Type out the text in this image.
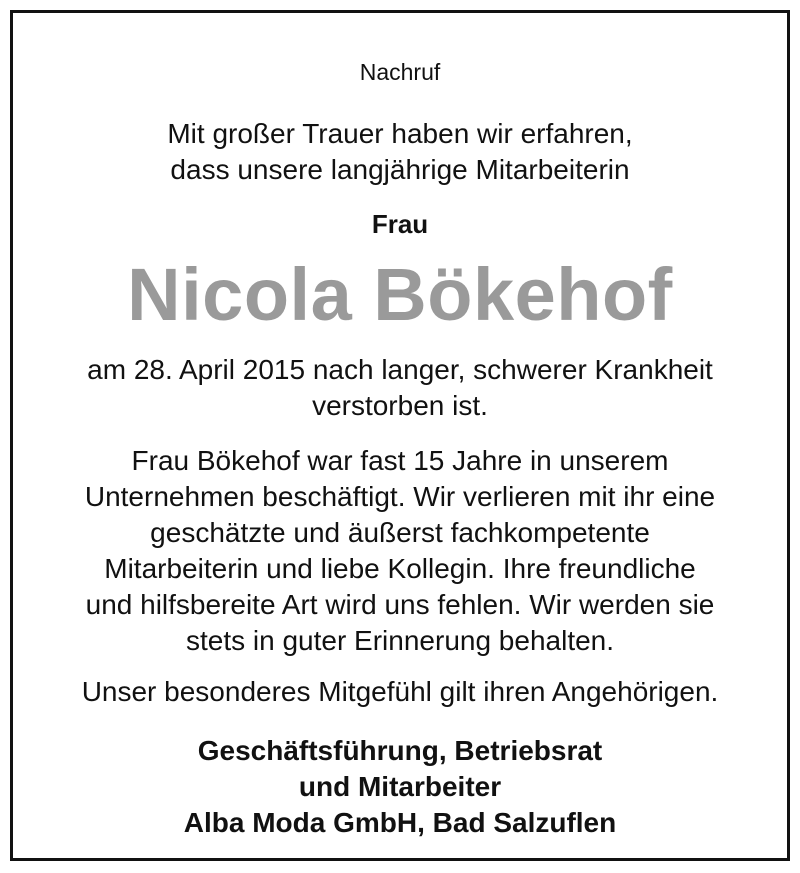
Nachruf
Mit großer Trauer haben wir erfahren,
dass unsere langjährige Mitarbeiterin
Frau
Nicola Bökehof
am 28. April 2015 nach langer, schwerer Krankheit
verstorben ist.
Frau Bökehof war fast 15 Jahre in unserem
Unternehmen beschäftigt. Wir verlieren mit ihr eine
geschätzte und äußerst fachkompetente
Mitarbeiterin und liebe Kollegin. Ihre freundliche
und hilfsbereite Art wird uns fehlen. Wir werden sie
stets in guter Erinnerung behalten.
Unser besonderes Mitgefühl gilt ihren Angehörigen.
Geschäftsführung, Betriebsrat
und Mitarbeiter
Alba Moda GmbH, Bad Salzuflen
